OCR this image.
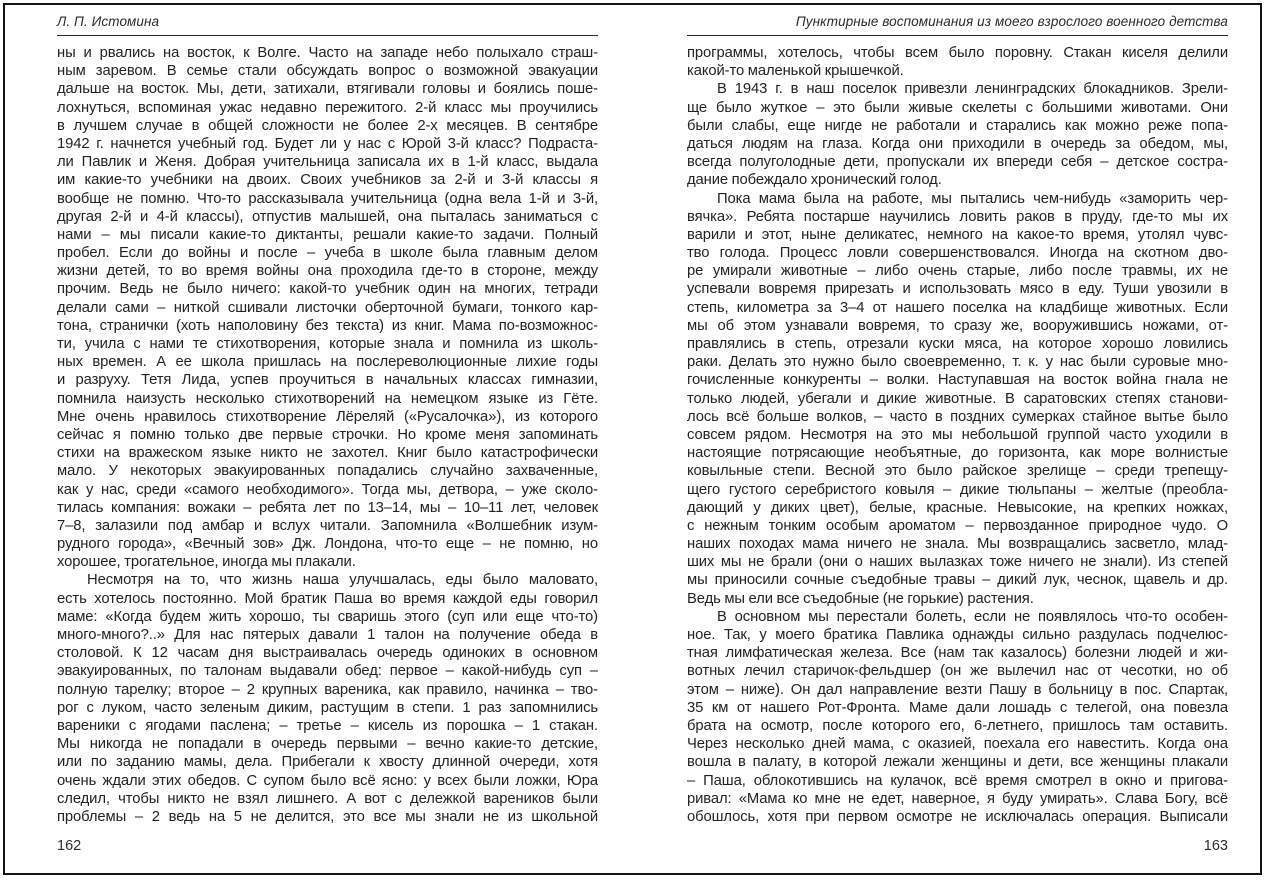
Л. П. Истомина
ны и рвались на восток, к Волге. Часто на западе небо полыхало страш-
ным заревом. В семье стали обсуждать вопрос о возможной эвакуации
дальше на восток. Мы, дети, затихали, втягивали головы и боялись поше-
лохнуться, вспоминая ужас недавно пережитого. 2-й класс мы проучились
в лучшем случае в общей сложности не более 2-х месяцев. В сентябре
1942 г. начнется учебный год. Будет ли у нас с Юрой 3-й класс? Подраста-
ли Павлик и Женя. Добрая учительница записала их в 1-й класс, выдала
им какие-то учебники на двоих. Своих учебников за 2-й и 3-й классы я
вообще не помню. Что-то рассказывала учительница (одна вела 1-й и 3-й,
другая 2-й и 4-й классы), отпустив малышей, она пыталась заниматься с
нами – мы писали какие-то диктанты, решали какие-то задачи. Полный
пробел. Если до войны и после – учеба в школе была главным делом
жизни детей, то во время войны она проходила где-то в стороне, между
прочим. Ведь не было ничего: какой-то учебник один на многих, тетради
делали сами – ниткой сшивали листочки оберточной бумаги, тонкого кар-
тона, странички (хоть наполовину без текста) из книг. Мама по-возможнос-
ти, учила с нами те стихотворения, которые знала и помнила из школь-
ных времен. А ее школа пришлась на послереволюционные лихие годы
и разруху. Тетя Лида, успев проучиться в начальных классах гимназии,
помнила наизусть несколько стихотворений на немецком языке из Гёте.
Мне очень нравилось стихотворение Лёреляй («Русалочка»), из которого
сейчас я помню только две первые строчки. Но кроме меня запоминать
стихи на вражеском языке никто не захотел. Книг было катастрофически
мало. У некоторых эвакуированных попадались случайно захваченные,
как у нас, среди «самого необходимого». Тогда мы, детвора, – уже сколо-
тилась компания: вожаки – ребята лет по 13–14, мы – 10–11 лет, человек
7–8, залазили под амбар и вслух читали. Запомнила «Волшебник изум-
рудного города», «Вечный зов» Дж. Лондона, что-то еще – не помню, но
хорошее, трогательное, иногда мы плакали.
Несмотря на то, что жизнь наша улучшалась, еды было маловато,
есть хотелось постоянно. Мой братик Паша во время каждой еды говорил
маме: «Когда будем жить хорошо, ты сваришь этого (суп или еще что-то)
много-много?..» Для нас пятерых давали 1 талон на получение обеда в
столовой. К 12 часам дня выстраивалась очередь одиноких в основном
эвакуированных, по талонам выдавали обед: первое – какой-нибудь суп –
полную тарелку; второе – 2 крупных вареника, как правило, начинка – тво-
рог с луком, часто зеленым диким, растущим в степи. 1 раз запомнились
вареники с ягодами паслена; – третье – кисель из порошка – 1 стакан.
Мы никогда не попадали в очередь первыми – вечно какие-то детские,
или по заданию мамы, дела. Прибегали к хвосту длинной очереди, хотя
очень ждали этих обедов. С супом было всё ясно: у всех были ложки, Юра
следил, чтобы никто не взял лишнего. А вот с дележкой вареников были
проблемы – 2 ведь на 5 не делится, это все мы знали не из школьной
162
Пунктирные воспоминания из моего взрослого военного детства
программы, хотелось, чтобы всем было поровну. Стакан киселя делили
какой-то маленькой крышечкой.
В 1943 г. в наш поселок привезли ленинградских блокадников. Зрели-
ще было жуткое – это были живые скелеты с большими животами. Они
были слабы, еще нигде не работали и старались как можно реже попа-
даться людям на глаза. Когда они приходили в очередь за обедом, мы,
всегда полуголодные дети, пропускали их впереди себя – детское состра-
дание побеждало хронический голод.
Пока мама была на работе, мы пытались чем-нибудь «заморить чер-
вячка». Ребята постарше научились ловить раков в пруду, где-то мы их
варили и этот, ныне деликатес, немного на какое-то время, утолял чувс-
тво голода. Процесс ловли совершенствовался. Иногда на скотном дво-
ре умирали животные – либо очень старые, либо после травмы, их не
успевали вовремя прирезать и использовать мясо в еду. Туши увозили в
степь, километра за 3–4 от нашего поселка на кладбище животных. Если
мы об этом узнавали вовремя, то сразу же, вооружившись ножами, от-
правлялись в степь, отрезали куски мяса, на которое хорошо ловились
раки. Делать это нужно было своевременно, т. к. у нас были суровые мно-
гочисленные конкуренты – волки. Наступавшая на восток война гнала не
только людей, убегали и дикие животные. В саратовских степях станови-
лось всё больше волков, – часто в поздних сумерках стайное вытье было
совсем рядом. Несмотря на это мы небольшой группой часто уходили в
настоящие потрясающие необъятные, до горизонта, как море волнистые
ковыльные степи. Весной это было райское зрелище – среди трепещу-
щего густого серебристого ковыля – дикие тюльпаны – желтые (преобла-
дающий у диких цвет), белые, красные. Невысокие, на крепких ножках,
с нежным тонким особым ароматом – первозданное природное чудо. О
наших походах мама ничего не знала. Мы возвращались засветло, млад-
ших мы не брали (они о наших вылазках тоже ничего не знали). Из степей
мы приносили сочные съедобные травы – дикий лук, чеснок, щавель и др.
Ведь мы ели все съедобные (не горькие) растения.
В основном мы перестали болеть, если не появлялось что-то особен-
ное. Так, у моего братика Павлика однажды сильно раздулась подчелюс-
тная лимфатическая железа. Все (нам так казалось) болезни людей и жи-
вотных лечил старичок-фельдшер (он же вылечил нас от чесотки, но об
этом – ниже). Он дал направление везти Пашу в больницу в пос. Спартак,
35 км от нашего Рот-Фронта. Маме дали лошадь с телегой, она повезла
брата на осмотр, после которого его, 6-летнего, пришлось там оставить.
Через несколько дней мама, с оказией, поехала его навестить. Когда она
вошла в палату, в которой лежали женщины и дети, все женщины плакали
– Паша, облокотившись на кулачок, всё время смотрел в окно и пригова-
ривал: «Мама ко мне не едет, наверное, я буду умирать». Слава Богу, всё
обошлось, хотя при первом осмотре не исключалась операция. Выписали
163
